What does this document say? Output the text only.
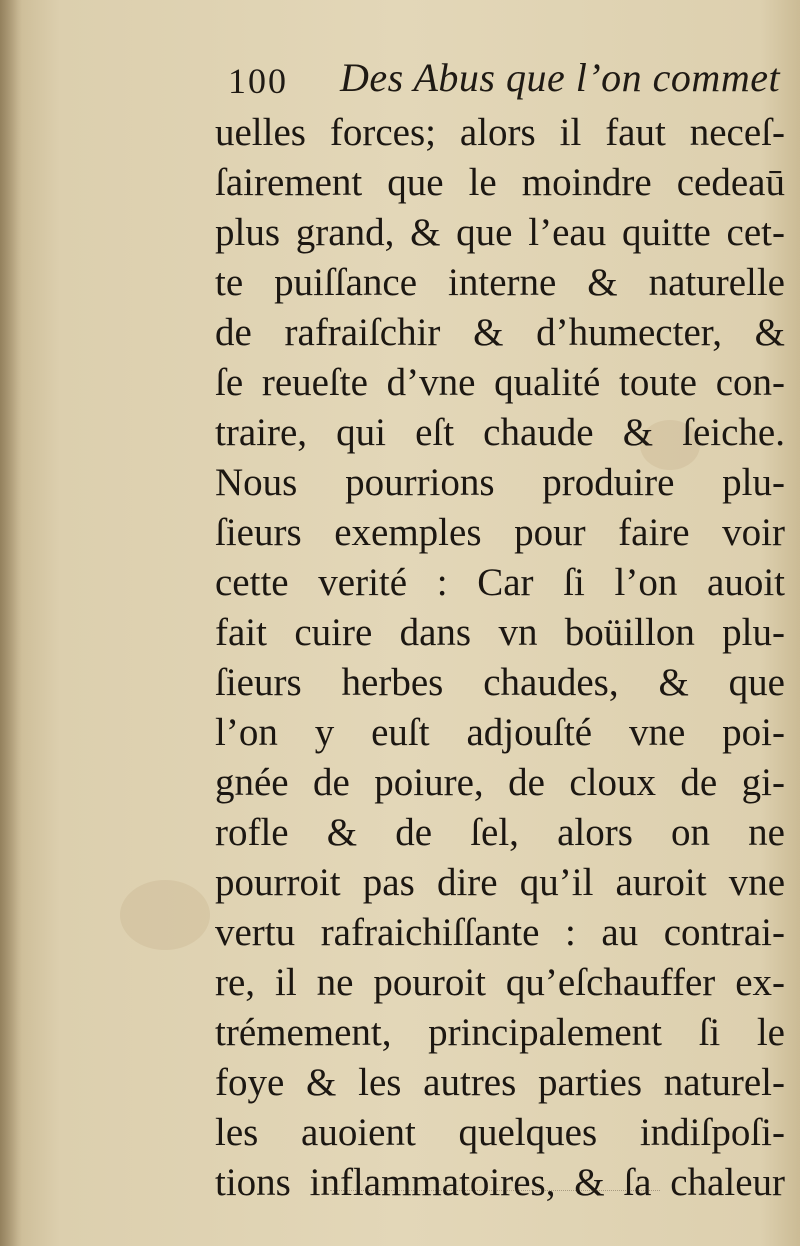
100 Des Abus que l’on commet
uelles forces; alors il faut neceſ-
ſairement que le moindre cedeaū
plus grand, & que l’eau quitte cet-
te puiſſance interne & naturelle
de rafraiſchir & d’humecter, &
ſe reueſte d’vne qualité toute con-
traire, qui eſt chaude & ſeiche.
Nous pourrions produire plu-
ſieurs exemples pour faire voir
cette verité : Car ſi l’on auoit
fait cuire dans vn boüillon plu-
ſieurs herbes chaudes, & que
l’on y euſt adjouſté vne poi-
gnée de poiure, de cloux de gi-
rofle & de ſel, alors on ne
pourroit pas dire qu’il auroit vne
vertu rafraichiſſante : au contrai-
re, il ne pouroit qu’eſchauffer ex-
trémement, principalement ſi le
foye & les autres parties naturel-
les auoient quelques indiſpoſi-
tions inflammatoires, & ſa chaleur
